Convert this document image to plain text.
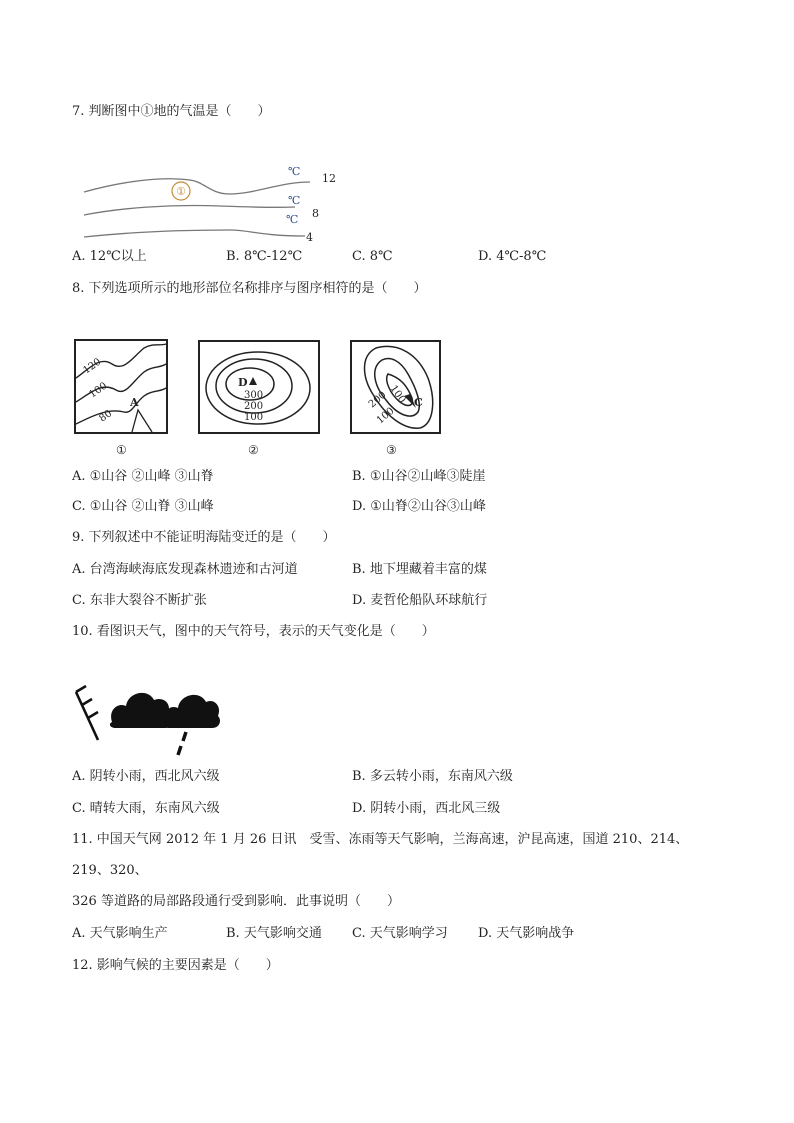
7. 判断图中①地的气温是（　　）
①
℃
12
℃
8
℃
4
A. 12℃以上	B. 8℃-12℃	C. 8℃	D. 4℃-8℃
8. 下列选项所示的地形部位名称排序与图序相符的是（　　）
120
100
80
A
①
D
300
200
100
②
100
200
100
C
③
A. ①山谷 ②山峰 ③山脊	B. ①山谷②山峰③陡崖
C. ①山谷 ②山脊 ③山峰	D. ①山脊②山谷③山峰
9. 下列叙述中不能证明海陆变迁的是（　　）
A. 台湾海峡海底发现森林遗迹和古河道	B. 地下埋藏着丰富的煤
C. 东非大裂谷不断扩张	D. 麦哲伦船队环球航行
10. 看图识天气，图中的天气符号，表示的天气变化是（　　）
A. 阴转小雨，西北风六级	B. 多云转小雨，东南风六级
C. 晴转大雨，东南风六级	D. 阴转小雨，西北风三级
11. 中国天气网 2012 年 1 月 26 日讯　受雪、冻雨等天气影响，兰海高速，沪昆高速，国道 210、214、
219、320、
326 等道路的局部路段通行受到影响．此事说明（　　）
A. 天气影响生产	B. 天气影响交通 C. 天气影响学习 D. 天气影响战争
12. 影响气候的主要因素是（　　）
